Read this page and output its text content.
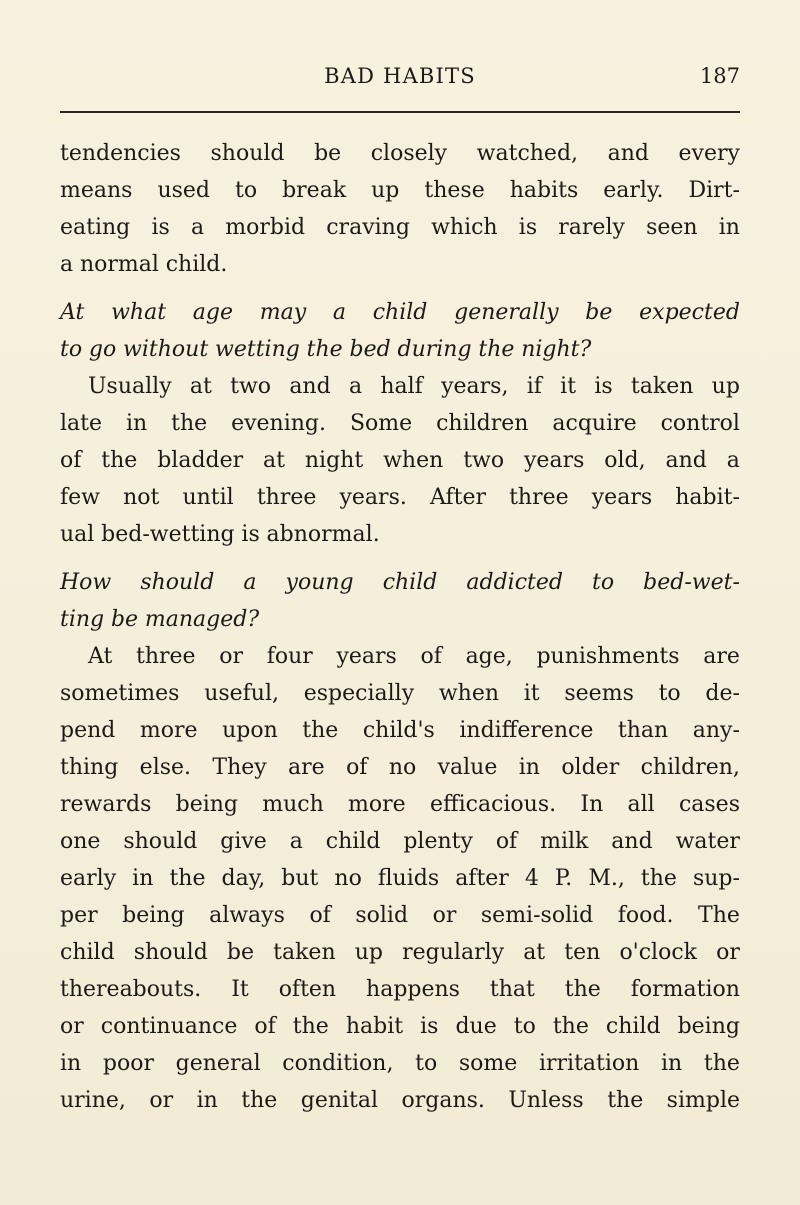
BAD HABITS	187
tendencies should be closely watched, and every
means used to break up these habits early. Dirt-
eating is a morbid craving which is rarely seen in
a normal child.
At what age may a child generally be expected
to go without wetting the bed during the night?
Usually at two and a half years, if it is taken up
late in the evening. Some children acquire control
of the bladder at night when two years old, and a
few not until three years. After three years habit-
ual bed-wetting is abnormal.
How should a young child addicted to bed-wet-
ting be managed?
At three or four years of age, punishments are
sometimes useful, especially when it seems to de-
pend more upon the child's indifference than any-
thing else. They are of no value in older children,
rewards being much more efficacious. In all cases
one should give a child plenty of milk and water
early in the day, but no fluids after 4 P. M., the sup-
per being always of solid or semi-solid food. The
child should be taken up regularly at ten o'clock or
thereabouts. It often happens that the formation
or continuance of the habit is due to the child being
in poor general condition, to some irritation in the
urine, or in the genital organs. Unless the simple
